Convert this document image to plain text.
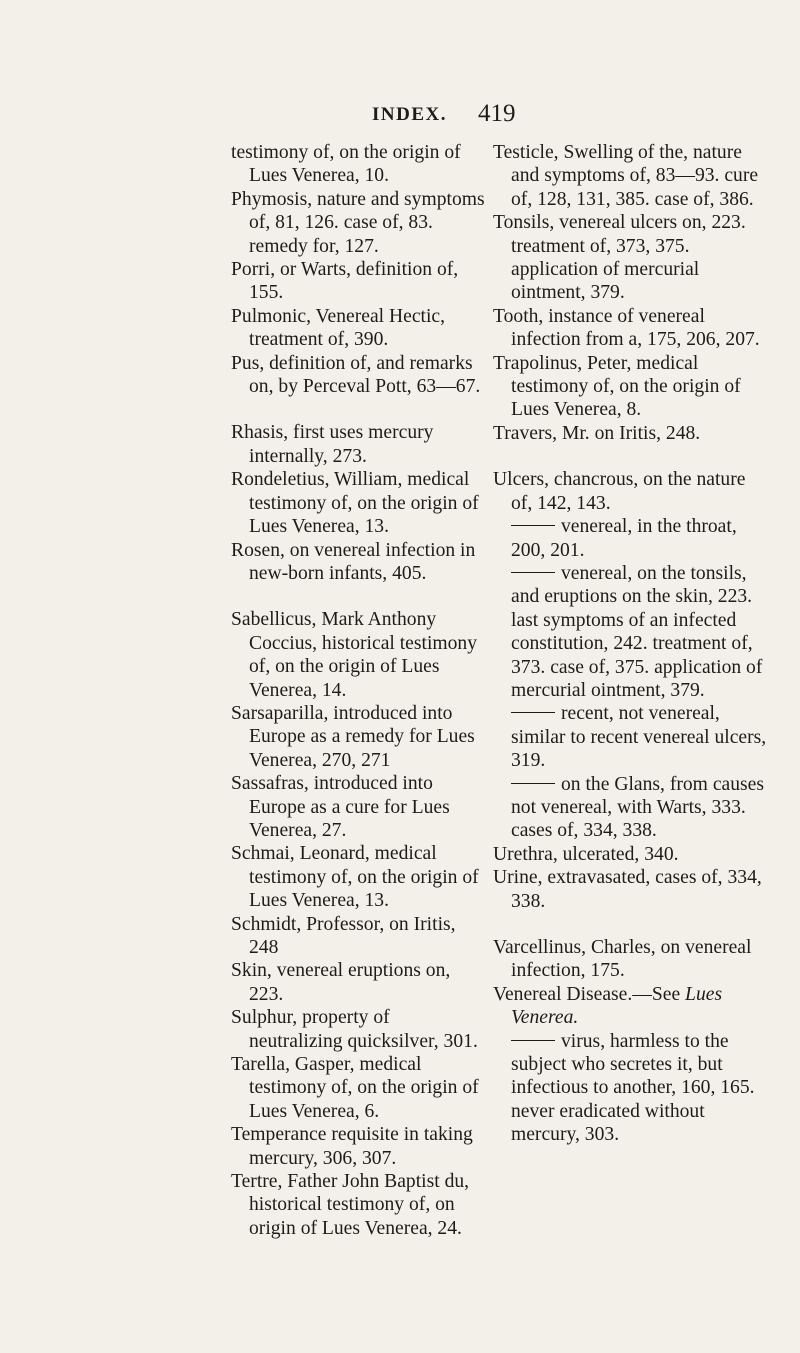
INDEX. 419

testimony of, on the origin of Lues Venerea, 10.

Phymosis, nature and symptoms of, 81, 126. case of, 83. remedy for, 127.

Porri, or Warts, definition of, 155.

Pulmonic, Venereal Hectic, treatment of, 390.

Pus, definition of, and remarks on, by Perceval Pott, 63—67.

Rhasis, first uses mercury internally, 273.

Rondeletius, William, medical testimony of, on the origin of Lues Venerea, 13.

Rosen, on venereal infection in new-born infants, 405.

Sabellicus, Mark Anthony Coccius, historical testimony of, on the origin of Lues Venerea, 14.

Sarsaparilla, introduced into Europe as a remedy for Lues Venerea, 270, 271

Sassafras, introduced into Europe as a cure for Lues Venerea, 27.

Schmai, Leonard, medical testimony of, on the origin of Lues Venerea, 13.

Schmidt, Professor, on Iritis, 248

Skin, venereal eruptions on, 223.

Sulphur, property of neutralizing quicksilver, 301.

Tarella, Gasper, medical testimony of, on the origin of Lues Venerea, 6.

Temperance requisite in taking mercury, 306, 307.

Tertre, Father John Baptist du, historical testimony of, on origin of Lues Venerea, 24.

Testicle, Swelling of the, nature and symptoms of, 83—93. cure of, 128, 131, 385. case of, 386.

Tonsils, venereal ulcers on, 223. treatment of, 373, 375. application of mercurial ointment, 379.

Tooth, instance of venereal infection from a, 175, 206, 207.

Trapolinus, Peter, medical testimony of, on the origin of Lues Venerea, 8.

Travers, Mr. on Iritis, 248.

Ulcers, chancrous, on the nature of, 142, 143.

venereal, in the throat, 200, 201.

venereal, on the tonsils, and eruptions on the skin, 223. last symptoms of an infected constitution, 242. treatment of, 373. case of, 375. application of mercurial ointment, 379.

recent, not venereal, similar to recent venereal ulcers, 319.

on the Glans, from causes not venereal, with Warts, 333. cases of, 334, 338.

Urethra, ulcerated, 340.

Urine, extravasated, cases of, 334, 338.

Varcellinus, Charles, on venereal infection, 175.

Venereal Disease.—See Lues Venerea.

virus, harmless to the subject who secretes it, but infectious to another, 160, 165. never eradicated without mercury, 303.
